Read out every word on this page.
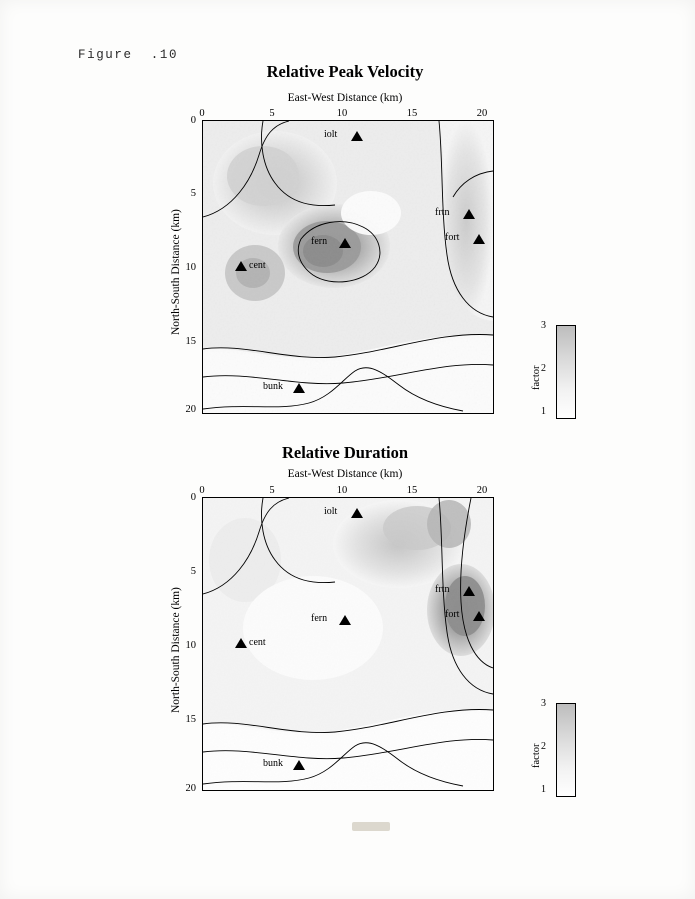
Figure  .10
Relative Peak Velocity
East-West Distance (km)
0	5	10	15	20
0
5
10
15
20
North-South Distance (km)
iolt
frtn
fort
fern
cent
bunk
3
2
1
factor
Relative Duration
East-West Distance (km)
0	5	10	15	20
0
5
10
15
20
North-South Distance (km)
iolt
frtn
fort
fern
cent
bunk
3
2
1
factor
